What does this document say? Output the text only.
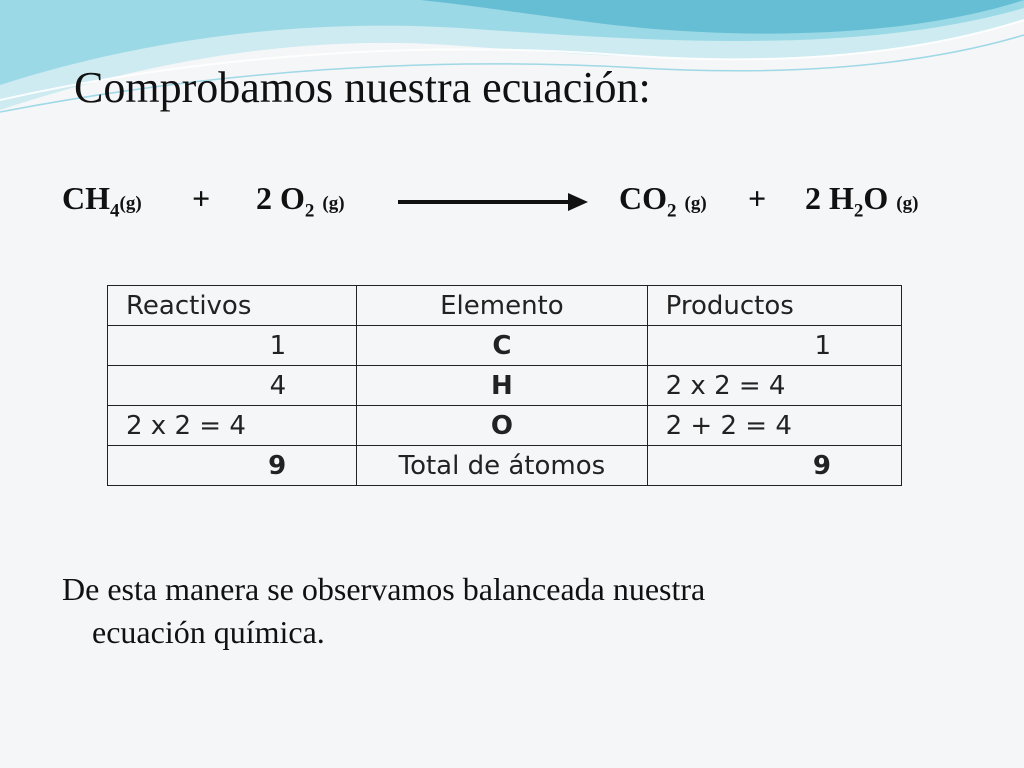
Comprobamos nuestra ecuación:
$CH_4(g) + 2$ $O_2$ (g)	$CO_2$ (g) + 2 $H_2O$ (g)
Reactivos	Elemento	Productos
1	C	1
4	H	2 x 2 = 4
2 x 2 = 4	O	2 + 2 = 4
9	Total de átomos	9
De esta manera se observamos balanceada nuestra
ecuación química.
